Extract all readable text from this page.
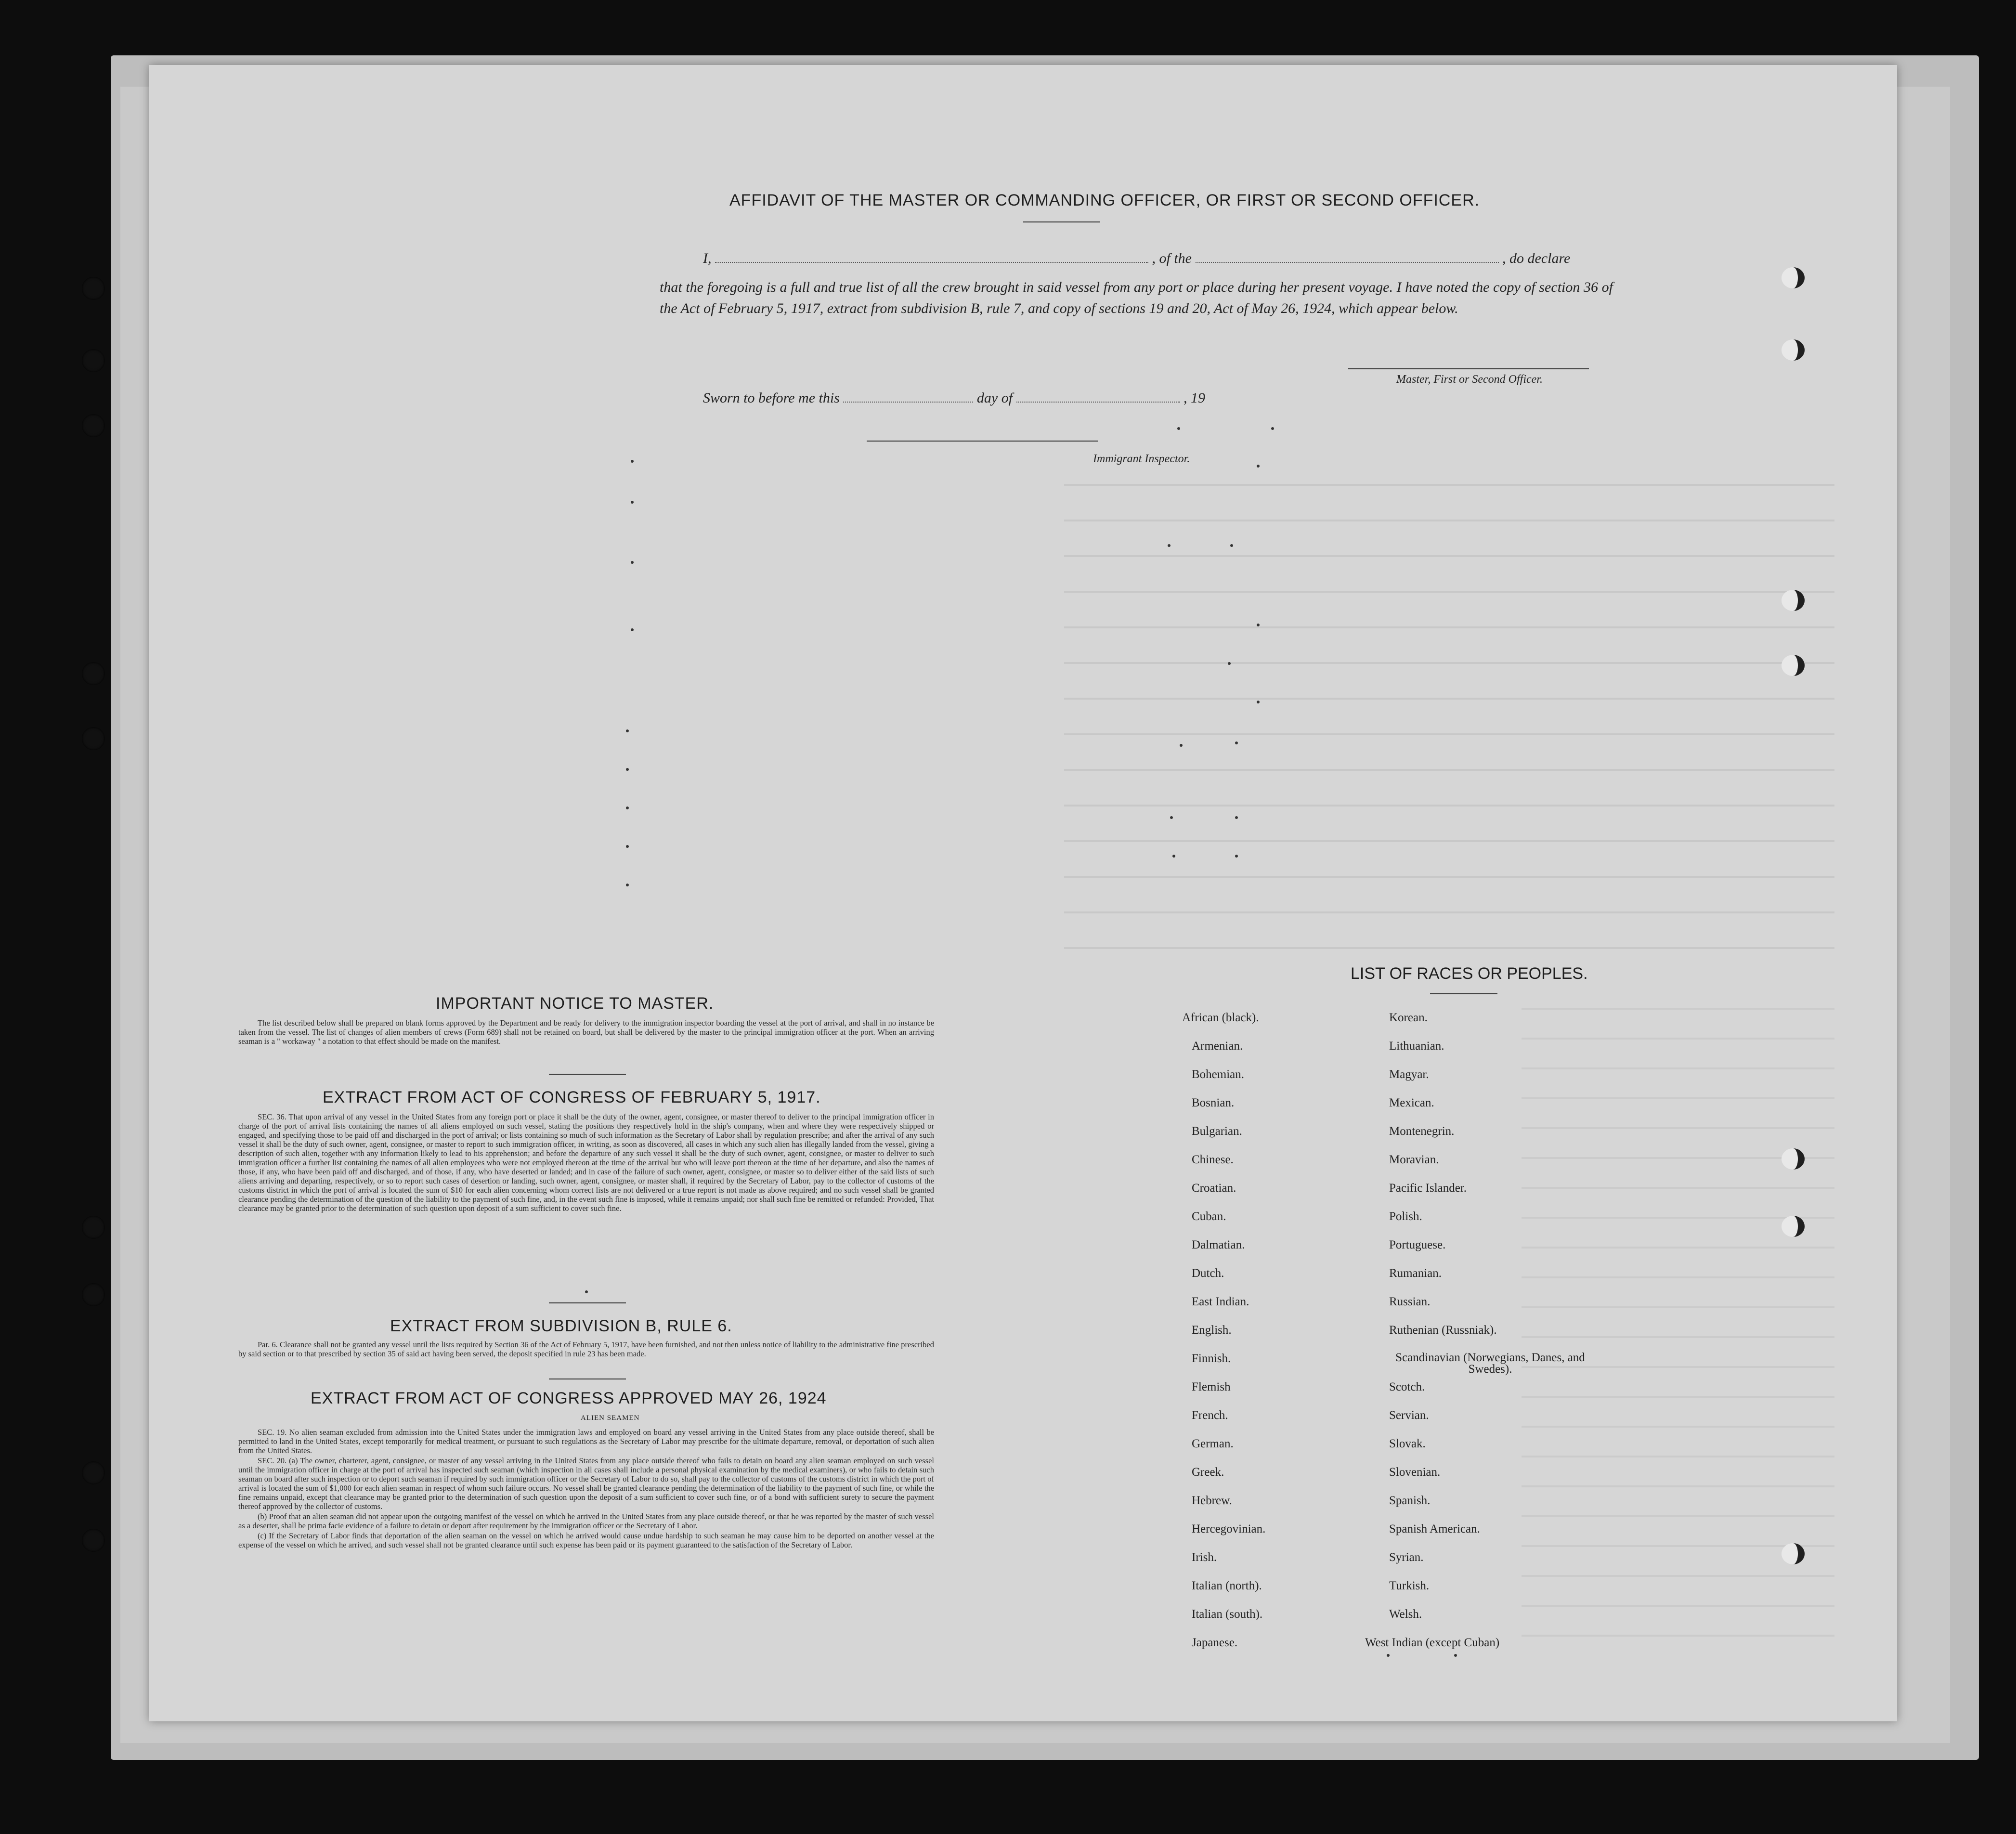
AFFIDAVIT OF THE MASTER OR COMMANDING OFFICER, OR FIRST OR SECOND OFFICER.
I,	, of the	, do declare
that the foregoing is a full and true list of all the crew brought in said vessel from any port or place during her present voyage. I have noted the copy of section 36 of the Act of February 5, 1917, extract from subdivision B, rule 7, and copy of sections 19 and 20, Act of May 26, 1924, which appear below.
Master, First or Second Officer.
Sworn to before me this	day of	, 19
Immigrant Inspector.
IMPORTANT NOTICE TO MASTER.

The list described below shall be prepared on blank forms approved by the Department and be ready for delivery to the immigration inspector boarding the vessel at the port of arrival, and shall in no instance be taken from the vessel. The list of changes of alien members of crews (Form 689) shall not be retained on board, but shall be delivered by the master to the principal immigration officer at the port. When an arriving seaman is a " workaway " a notation to that effect should be made on the manifest.

EXTRACT FROM ACT OF CONGRESS OF FEBRUARY 5, 1917.

SEC. 36. That upon arrival of any vessel in the United States from any foreign port or place it shall be the duty of the owner, agent, consignee, or master thereof to deliver to the principal immigration officer in charge of the port of arrival lists containing the names of all aliens employed on such vessel, stating the positions they respectively hold in the ship's company, when and where they were respectively shipped or engaged, and specifying those to be paid off and discharged in the port of arrival; or lists containing so much of such information as the Secretary of Labor shall by regulation prescribe; and after the arrival of any such vessel it shall be the duty of such owner, agent, consignee, or master to report to such immigration officer, in writing, as soon as discovered, all cases in which any such alien has illegally landed from the vessel, giving a description of such alien, together with any information likely to lead to his apprehension; and before the departure of any such vessel it shall be the duty of such owner, agent, consignee, or master to deliver to such immigration officer a further list containing the names of all alien employees who were not employed thereon at the time of the arrival but who will leave port thereon at the time of her departure, and also the names of those, if any, who have been paid off and discharged, and of those, if any, who have deserted or landed; and in case of the failure of such owner, agent, consignee, or master so to deliver either of the said lists of such aliens arriving and departing, respectively, or so to report such cases of desertion or landing, such owner, agent, consignee, or master shall, if required by the Secretary of Labor, pay to the collector of customs of the customs district in which the port of arrival is located the sum of $10 for each alien concerning whom correct lists are not delivered or a true report is not made as above required; and no such vessel shall be granted clearance pending the determination of the question of the liability to the payment of such fine, and, in the event such fine is imposed, while it remains unpaid; nor shall such fine be remitted or refunded: Provided, That clearance may be granted prior to the determination of such question upon deposit of a sum sufficient to cover such fine.

EXTRACT FROM SUBDIVISION B, RULE 6.

Par. 6. Clearance shall not be granted any vessel until the lists required by Section 36 of the Act of February 5, 1917, have been furnished, and not then unless notice of liability to the administrative fine prescribed by said section or to that prescribed by section 35 of said act having been served, the deposit specified in rule 23 has been made.

EXTRACT FROM ACT OF CONGRESS APPROVED MAY 26, 1924
ALIEN SEAMEN

SEC. 19. No alien seaman excluded from admission into the United States under the immigration laws and employed on board any vessel arriving in the United States from any place outside thereof, shall be permitted to land in the United States, except temporarily for medical treatment, or pursuant to such regulations as the Secretary of Labor may prescribe for the ultimate departure, removal, or deportation of such alien from the United States.

SEC. 20. (a) The owner, charterer, agent, consignee, or master of any vessel arriving in the United States from any place outside thereof who fails to detain on board any alien seaman employed on such vessel until the immigration officer in charge at the port of arrival has inspected such seaman (which inspection in all cases shall include a personal physical examination by the medical examiners), or who fails to detain such seaman on board after such inspection or to deport such seaman if required by such immigration officer or the Secretary of Labor to do so, shall pay to the collector of customs of the customs district in which the port of arrival is located the sum of $1,000 for each alien seaman in respect of whom such failure occurs. No vessel shall be granted clearance pending the determination of the liability to the payment of such fine, or while the fine remains unpaid, except that clearance may be granted prior to the determination of such question upon the deposit of a sum sufficient to cover such fine, or of a bond with sufficient surety to secure the payment thereof approved by the collector of customs.

(b) Proof that an alien seaman did not appear upon the outgoing manifest of the vessel on which he arrived in the United States from any place outside thereof, or that he was reported by the master of such vessel as a deserter, shall be prima facie evidence of a failure to detain or deport after requirement by the immigration officer or the Secretary of Labor.

(c) If the Secretary of Labor finds that deportation of the alien seaman on the vessel on which he arrived would cause undue hardship to such seaman he may cause him to be deported on another vessel at the expense of the vessel on which he arrived, and such vessel shall not be granted clearance until such expense has been paid or its payment guaranteed to the satisfaction of the Secretary of Labor.

LIST OF RACES OR PEOPLES.
African (black).
Armenian.
Bohemian.
Bosnian.
Bulgarian.
Chinese.
Croatian.
Cuban.
Dalmatian.
Dutch.
East Indian.
English.
Finnish.
Flemish
French.
German.
Greek.
Hebrew.
Hercegovinian.
Irish.
Italian (north).
Italian (south).
Japanese.
Korean.
Lithuanian.
Magyar.
Mexican.
Montenegrin.
Moravian.
Pacific Islander.
Polish.
Portuguese.
Rumanian.
Russian.
Ruthenian (Russniak).
Scandinavian (Norwegians, Danes, and Swedes).
Scotch.
Servian.
Slovak.
Slovenian.
Spanish.
Spanish American.
Syrian.
Turkish.
Welsh.
West Indian (except Cuban)
